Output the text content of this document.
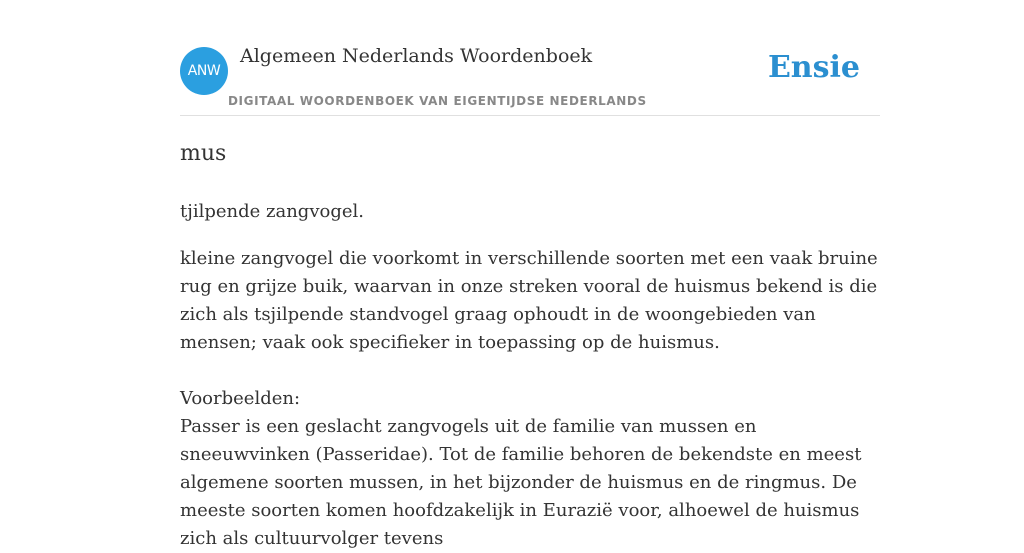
ANW
Algemeen Nederlands Woordenboek
DIGITAAL WOORDENBOEK VAN EIGENTIJDSE NEDERLANDS
Ensie
mus

tjilpende zangvogel.

kleine zangvogel die voorkomt in verschillende soorten met een vaak bruine rug en grijze buik, waarvan in onze streken vooral de huismus bekend is die zich als tsjilpende standvogel graag ophoudt in de woongebieden van mensen; vaak ook specifieker in toepassing op de huismus.

Voorbeelden:

Passer is een geslacht zangvogels uit de familie van mussen en sneeuwvinken (Passeridae). Tot de familie behoren de bekendste en meest algemene soorten mussen, in het bijzonder de huismus en de ringmus. De meeste soorten komen hoofdzakelijk in Eurazië voor, alhoewel de huismus zich als cultuurvolger tevens
